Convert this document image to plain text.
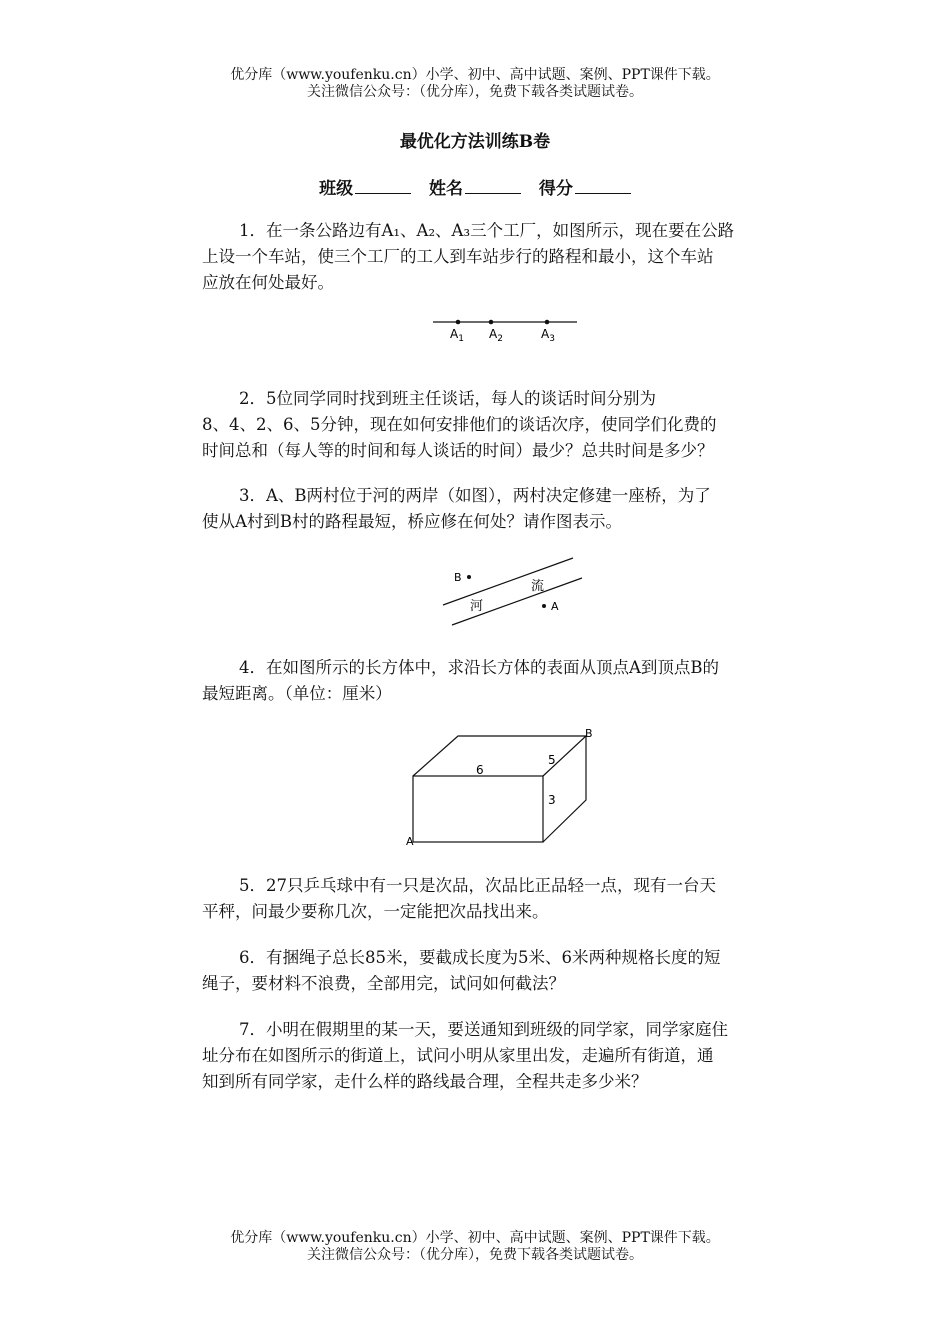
优分库（www.youfenku.cn）小学、初中、高中试题、案例、PPT课件下载。
关注微信公众号：（优分库），免费下载各类试题试卷。
最优化方法训练B卷
班级	姓名	得分

1．在一条公路边有A₁、A₂、A₃三个工厂，如图所示，现在要在公路

上设一个车站，使三个工厂的工人到车站步行的路程和最小，这个车站

应放在何处最好。

$A_1$ $A_2$	$A_3$

2．5位同学同时找到班主任谈话，每人的谈话时间分别为

8、4、2、6、5分钟，现在如何安排他们的谈话次序，使同学们化费的

时间总和（每人等的时间和每人谈话的时间）最少？总共时间是多少？

3．A、B两村位于河的两岸（如图），两村决定修建一座桥，为了

使从A村到B村的路程最短，桥应修在何处？请作图表示。

B
A
河
流

4．在如图所示的长方体中，求沿长方体的表面从顶点A到顶点B的

最短距离。（单位：厘米）

A
B
6
5
3

5．27只乒乓球中有一只是次品，次品比正品轻一点，现有一台天

平秤，问最少要称几次，一定能把次品找出来。

6．有捆绳子总长85米，要截成长度为5米、6米两种规格长度的短

绳子，要材料不浪费，全部用完，试问如何截法？

7．小明在假期里的某一天，要送通知到班级的同学家，同学家庭住

址分布在如图所示的街道上，试问小明从家里出发，走遍所有街道，通

知到所有同学家，走什么样的路线最合理，全程共走多少米？

优分库（www.youfenku.cn）小学、初中、高中试题、案例、PPT课件下载。
关注微信公众号：（优分库），免费下载各类试题试卷。
